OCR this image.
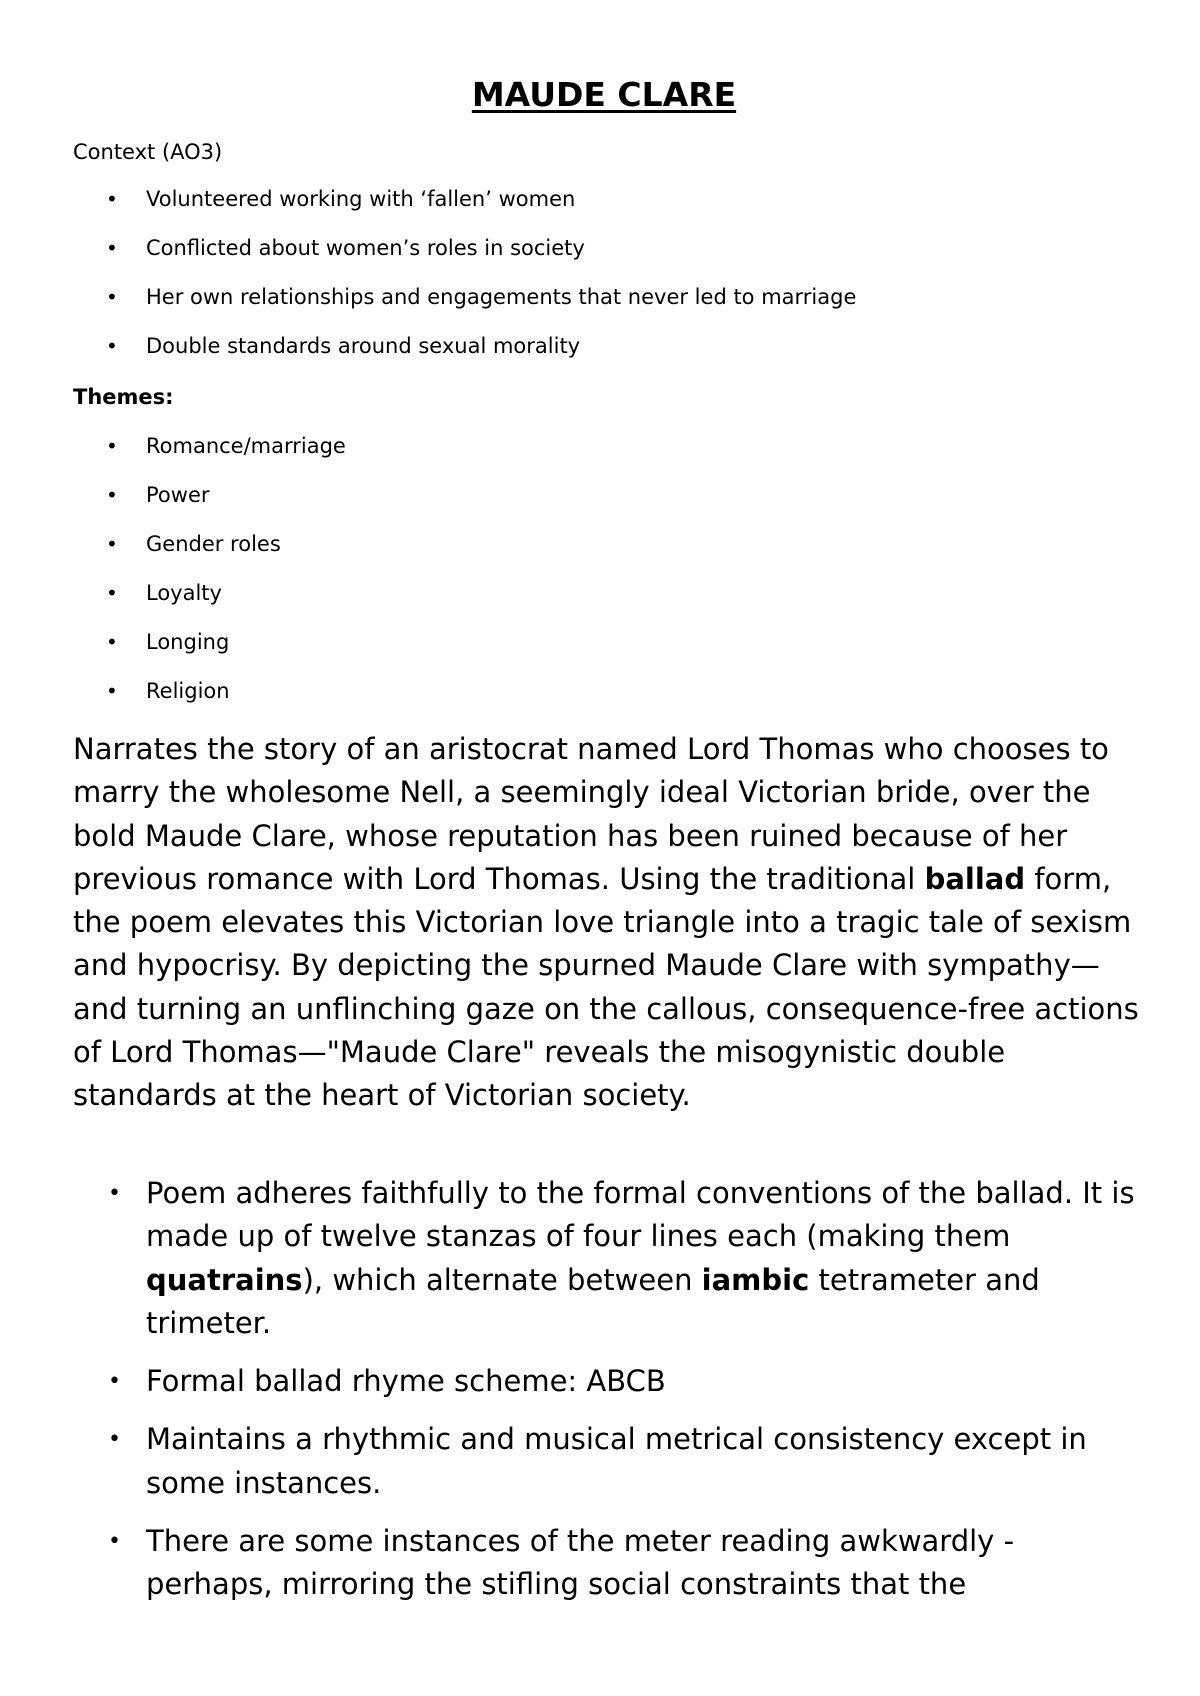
MAUDE CLARE

Context (AO3)

• Volunteered working with ‘fallen’ women
• Conflicted about women’s roles in society
• Her own relationships and engagements that never led to marriage
• Double standards around sexual morality

Themes:

• Romance/marriage
• Power
• Gender roles
• Loyalty
• Longing
• Religion

Narrates the story of an aristocrat named Lord Thomas who chooses to marry the wholesome Nell, a seemingly ideal Victorian bride, over the bold Maude Clare, whose reputation has been ruined because of her previous romance with Lord Thomas. Using the traditional ballad form, the poem elevates this Victorian love triangle into a tragic tale of sexism and hypocrisy. By depicting the spurned Maude Clare with sympathy—and turning an unflinching gaze on the callous, consequence-free actions of Lord Thomas—"Maude Clare" reveals the misogynistic double standards at the heart of Victorian society.

• Poem adheres faithfully to the formal conventions of the ballad. It is made up of twelve stanzas of four lines each (making them quatrains), which alternate between iambic tetrameter and trimeter.
• Formal ballad rhyme scheme: ABCB
• Maintains a rhythmic and musical metrical consistency except in some instances.
• There are some instances of the meter reading awkwardly - perhaps, mirroring the stifling social constraints that the
